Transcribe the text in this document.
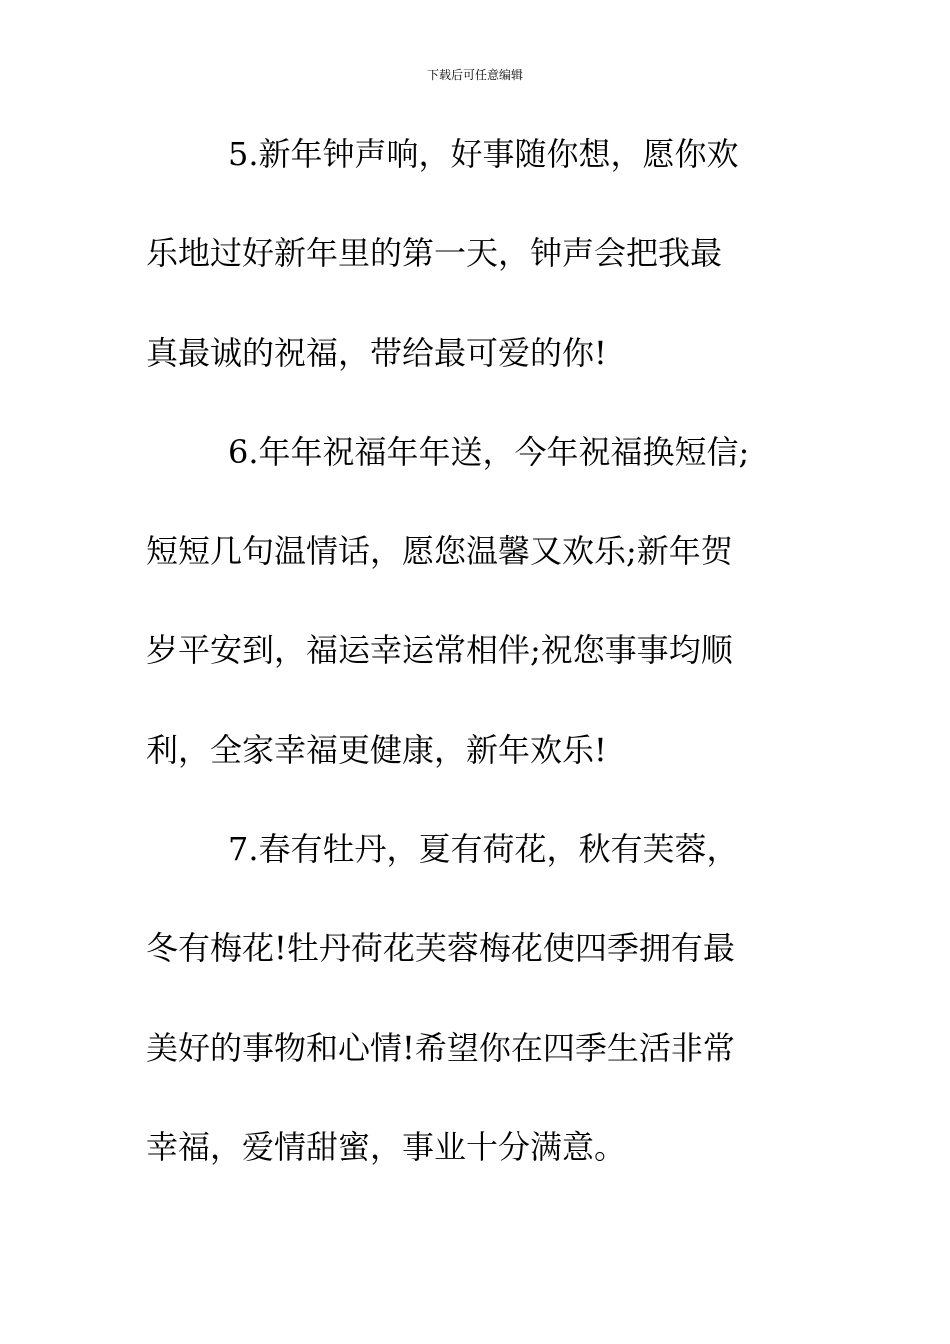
下载后可任意编辑
5.新年钟声响，好事随你想，愿你欢
乐地过好新年里的第一天，钟声会把我最
真最诚的祝福，带给最可爱的你!
6.年年祝福年年送，今年祝福换短信;
短短几句温情话，愿您温馨又欢乐;新年贺
岁平安到，福运幸运常相伴;祝您事事均顺
利，全家幸福更健康，新年欢乐!
7.春有牡丹，夏有荷花，秋有芙蓉，
冬有梅花!牡丹荷花芙蓉梅花使四季拥有最
美好的事物和心情!希望你在四季生活非常
幸福，爱情甜蜜，事业十分满意。
